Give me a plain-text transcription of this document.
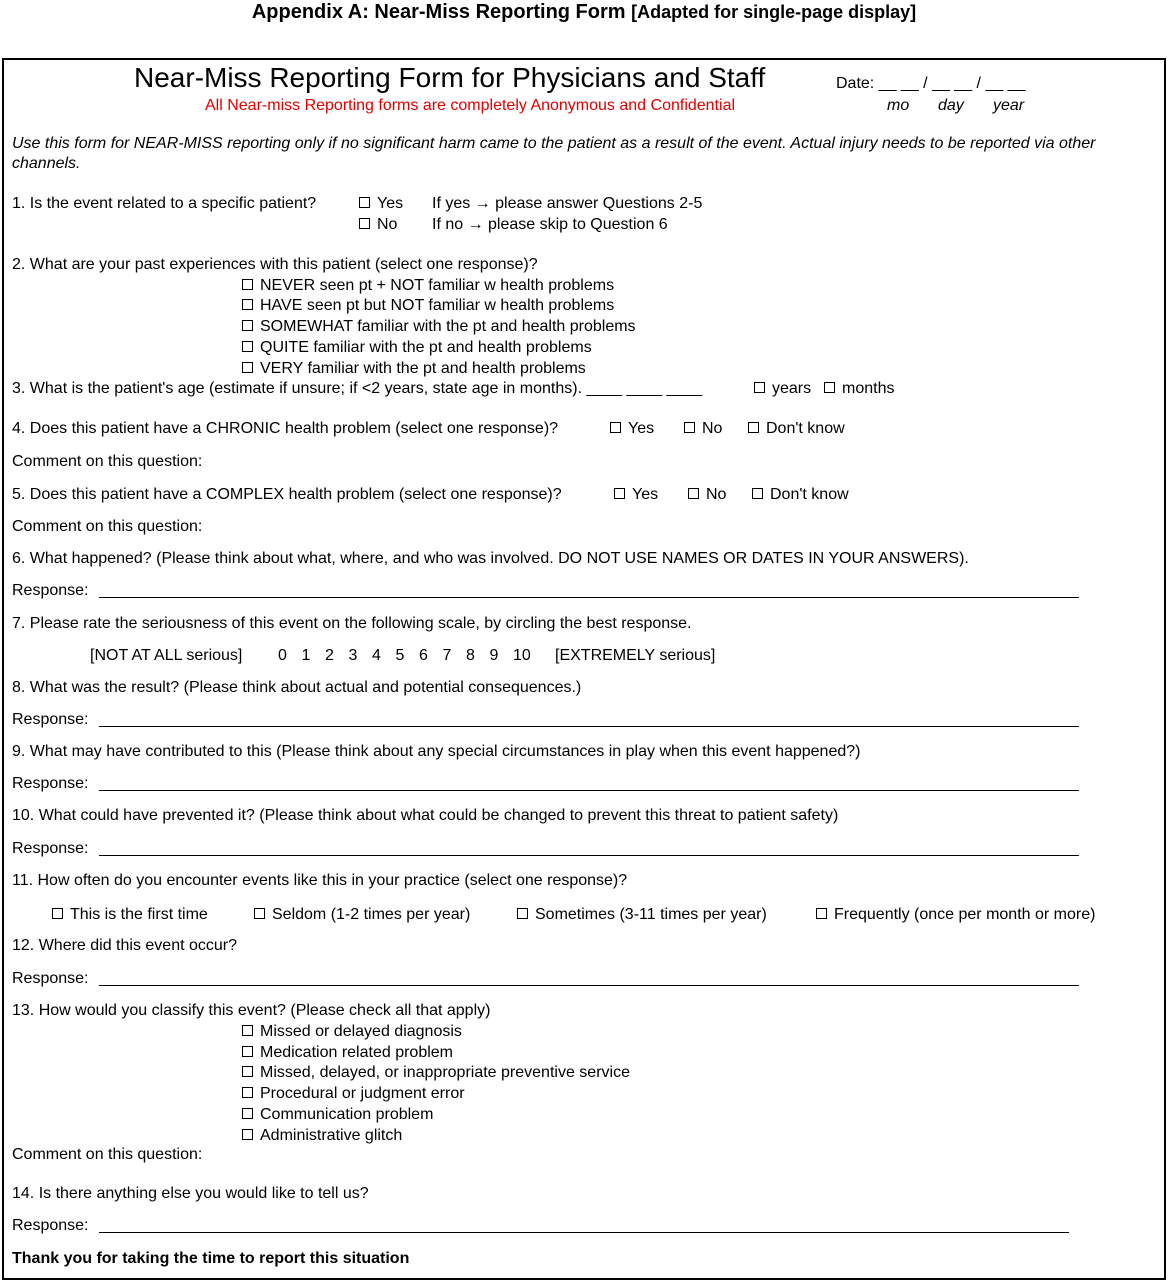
Appendix A: Near-Miss Reporting Form [Adapted for single-page display]
Near-Miss Reporting Form for Physicians and Staff	Date: __ __ / __ __ / __ __
mo day year
All Near-miss Reporting forms are completely Anonymous and Confidential
Use this form for NEAR-MISS reporting only if no significant harm came to the patient as a result of the event. Actual injury needs to be reported via other channels.
1. Is the event related to a specific patient?	Yes If yes → please answer Questions 2-5
No If no → please skip to Question 6
2. What are your past experiences with this patient (select one response)?
NEVER seen pt + NOT familiar w health problems
HAVE seen pt but NOT familiar w health problems
SOMEWHAT familiar with the pt and health problems
QUITE familiar with the pt and health problems
VERY familiar with the pt and health problems
3. What is the patient's age (estimate if unsure; if <2 years, state age in months). ____ ____ ____	years	months
4. Does this patient have a CHRONIC health problem (select one response)?	Yes	No	Don't know
Comment on this question:
5. Does this patient have a COMPLEX health problem (select one response)?	Yes	No	Don't know
Comment on this question:
6. What happened? (Please think about what, where, and who was involved. DO NOT USE NAMES OR DATES IN YOUR ANSWERS).
Response:
7. Please rate the seriousness of this event on the following scale, by circling the best response.
[NOT AT ALL serious] 0 1 2 3 4 5 6 7 8 9 10 [EXTREMELY serious]
8. What was the result? (Please think about actual and potential consequences.)
Response:
9. What may have contributed to this (Please think about any special circumstances in play when this event happened?)
Response:
10. What could have prevented it? (Please think about what could be changed to prevent this threat to patient safety)
Response:
11. How often do you encounter events like this in your practice (select one response)?
This is the first time	Seldom (1-2 times per year)	Sometimes (3-11 times per year)	Frequently (once per month or more)
12. Where did this event occur?
Response:
13. How would you classify this event? (Please check all that apply)
Missed or delayed diagnosis
Medication related problem
Missed, delayed, or inappropriate preventive service
Procedural or judgment error
Communication problem
Administrative glitch
Comment on this question:
14. Is there anything else you would like to tell us?
Response:
Thank you for taking the time to report this situation
